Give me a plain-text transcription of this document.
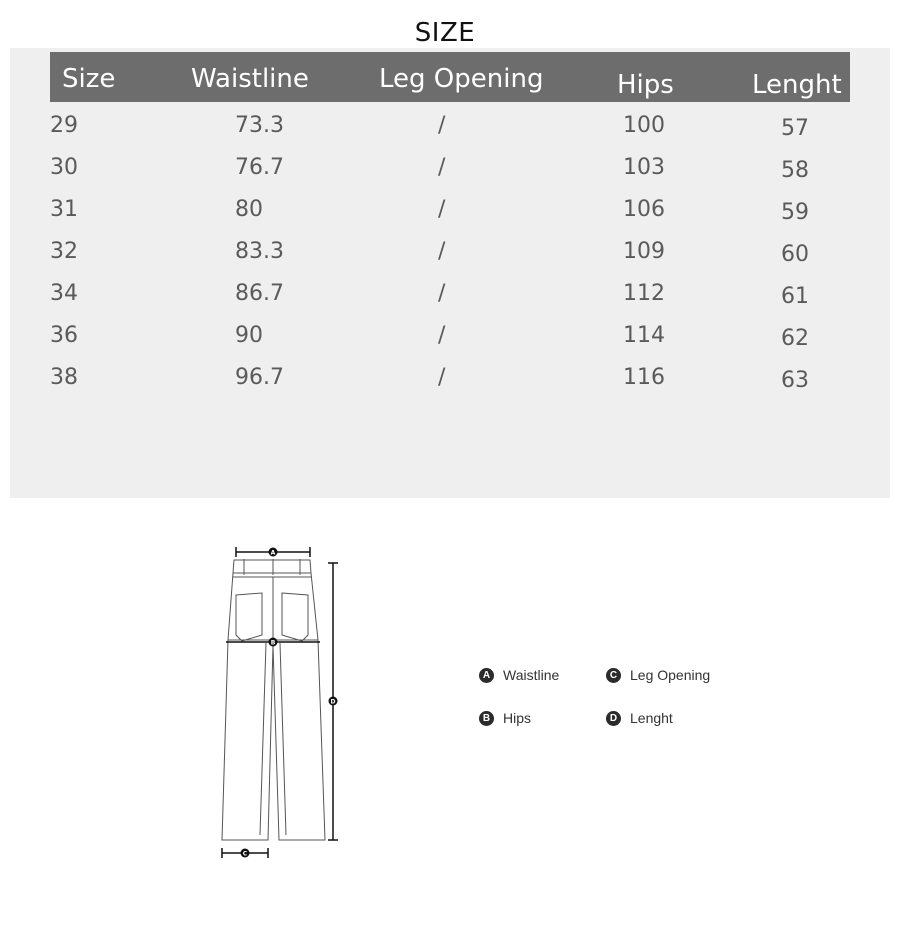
SIZE
Size	Waistline	Leg Opening	Hips	Lenght
29	73.3	/	100	57
30	76.7	/	103	58
31	80	/	106	59
32	83.3	/	109	60
34	86.7	/	112	61
36	90	/	114	62
38	96.7	/	116	63
A
B
C
D
A Waistline	C Leg Opening
B Hips	D Lenght
